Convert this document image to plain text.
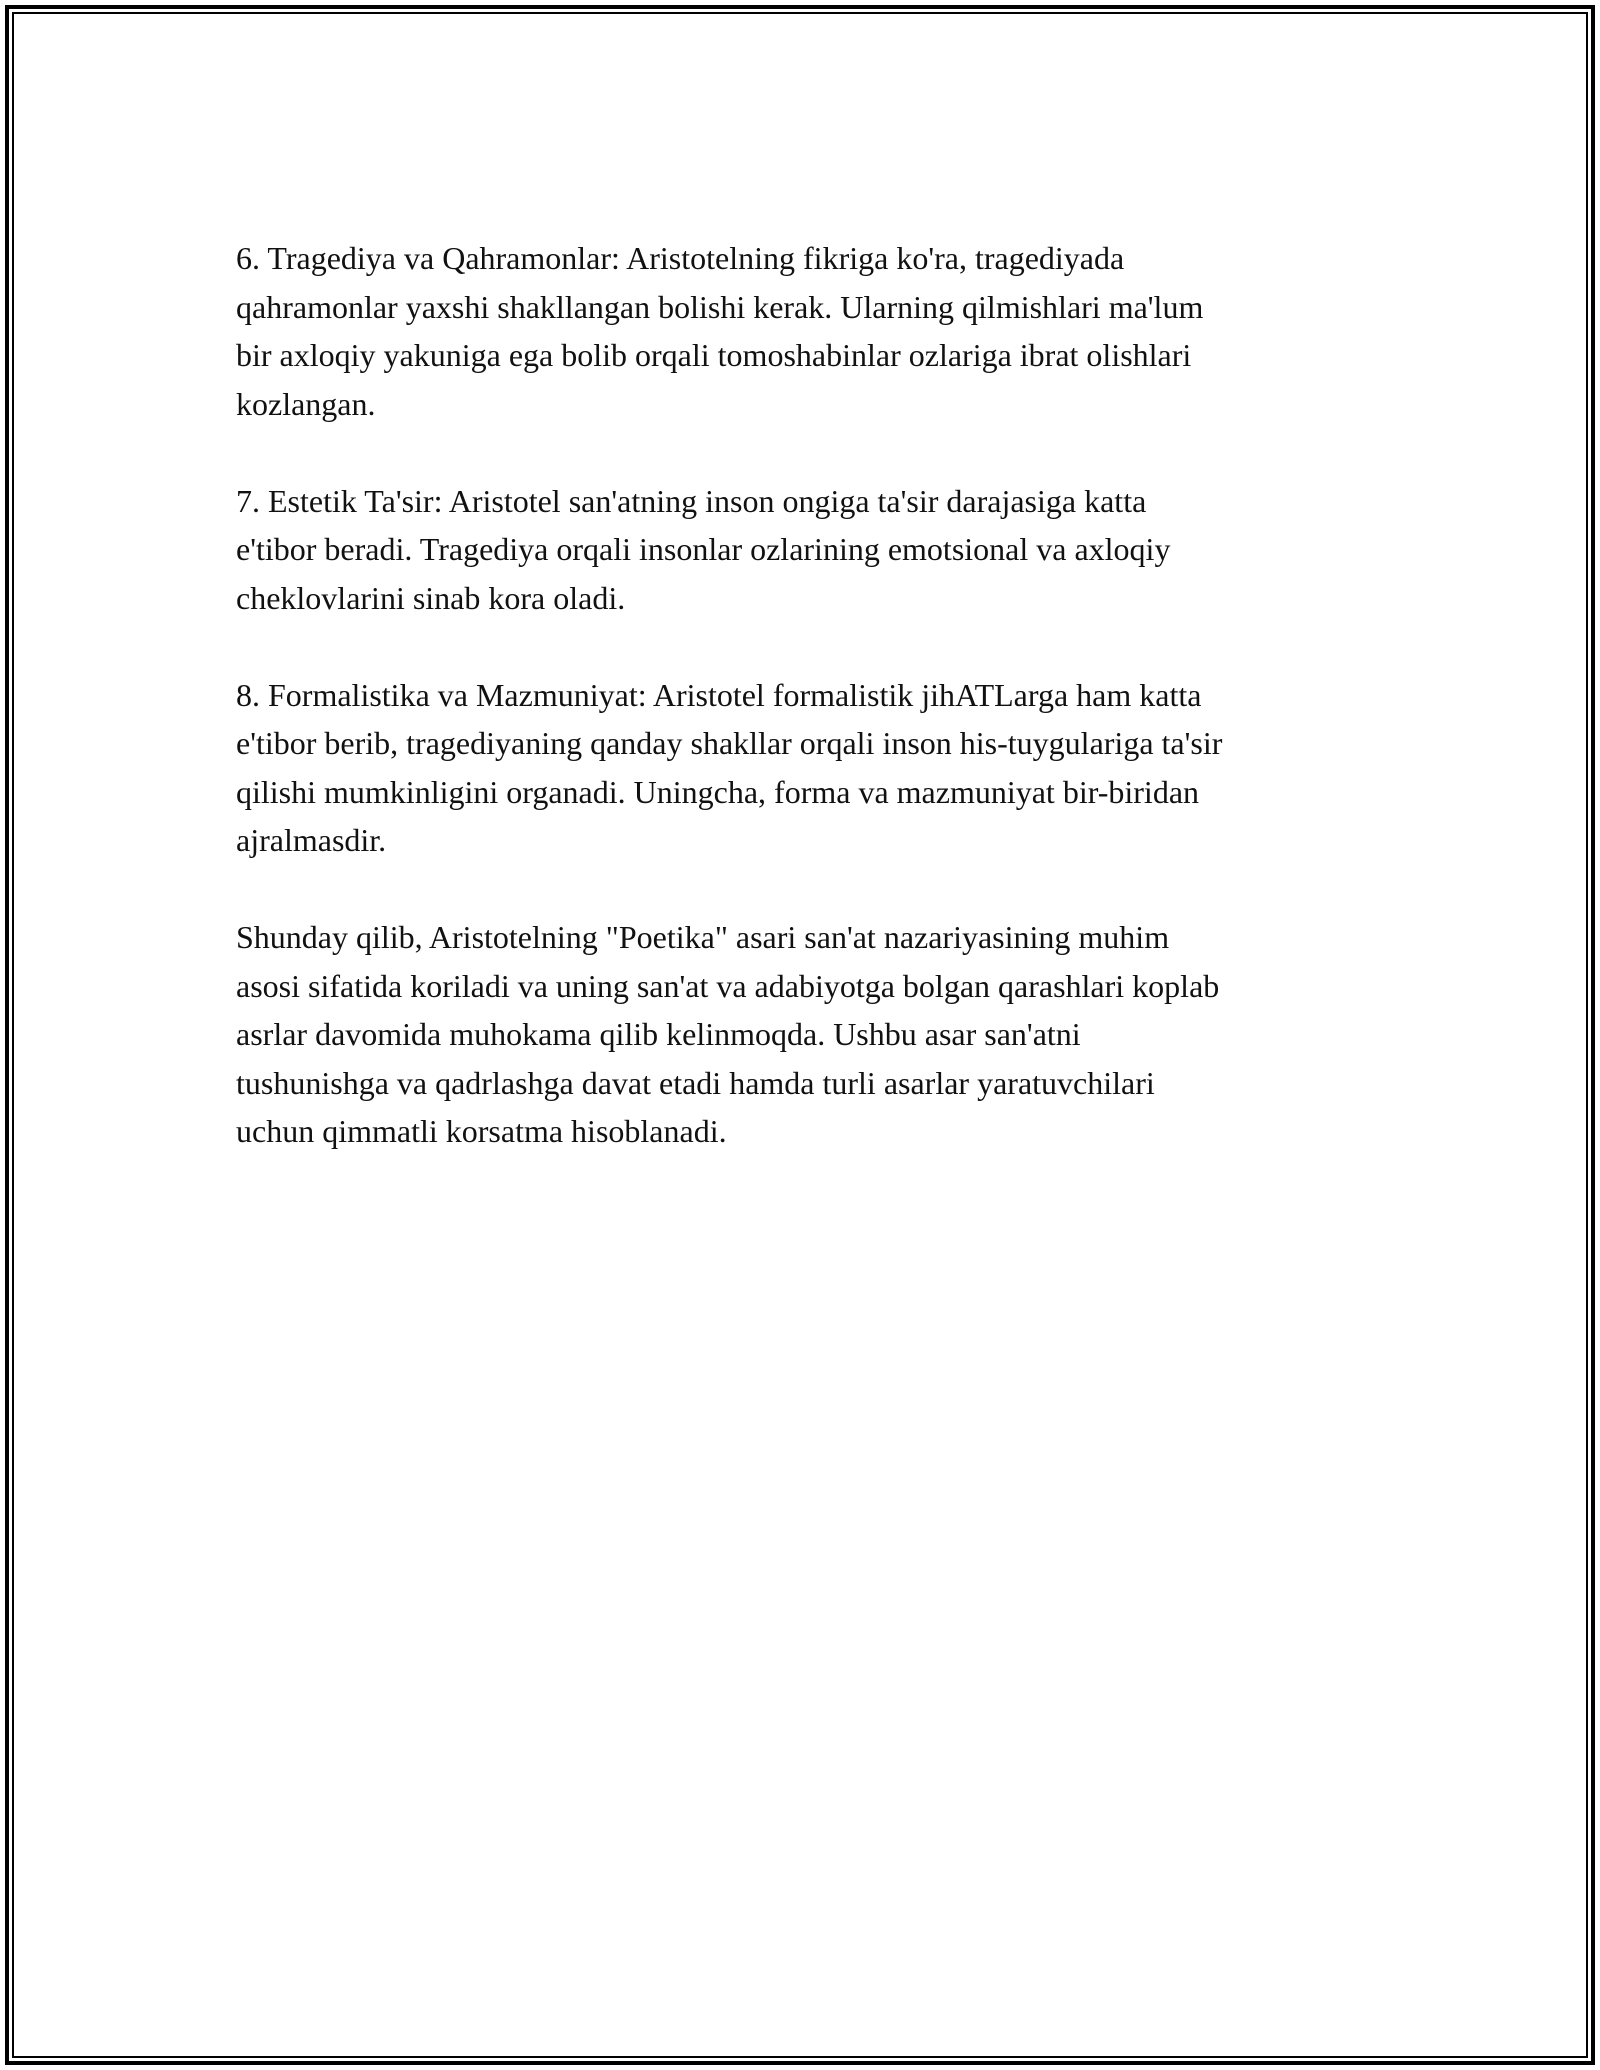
6. Tragediya va Qahramonlar: Aristotelning fikriga ko'ra, tragediyada
qahramonlar yaxshi shakllangan bolishi kerak. Ularning qilmishlari ma'lum
bir axloqiy yakuniga ega bolib orqali tomoshabinlar ozlariga ibrat olishlari
kozlangan.

7. Estetik Ta'sir: Aristotel san'atning inson ongiga ta'sir darajasiga katta
e'tibor beradi. Tragediya orqali insonlar ozlarining emotsional va axloqiy
cheklovlarini sinab kora oladi.

8. Formalistika va Mazmuniyat: Aristotel formalistik jihATLarga ham katta
e'tibor berib, tragediyaning qanday shakllar orqali inson his-tuygulariga ta'sir
qilishi mumkinligini organadi. Uningcha, forma va mazmuniyat bir-biridan
ajralmasdir.

Shunday qilib, Aristotelning "Poetika" asari san'at nazariyasining muhim
asosi sifatida koriladi va uning san'at va adabiyotga bolgan qarashlari koplab
asrlar davomida muhokama qilib kelinmoqda. Ushbu asar san'atni
tushunishga va qadrlashga davat etadi hamda turli asarlar yaratuvchilari
uchun qimmatli korsatma hisoblanadi.
